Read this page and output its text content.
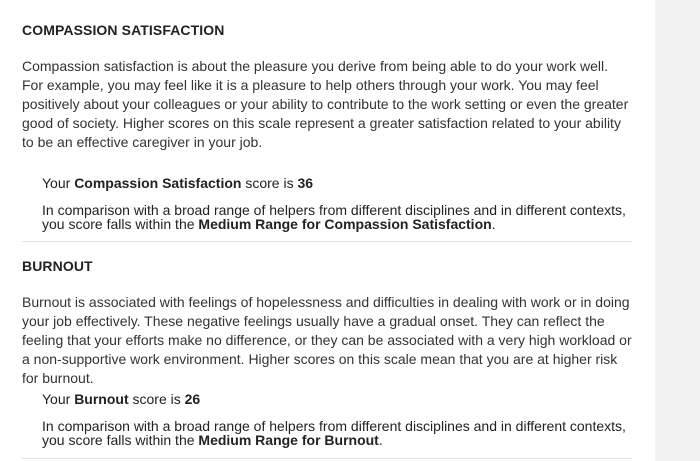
COMPASSION SATISFACTION
Compassion satisfaction is about the pleasure you derive from being able to do your work well. For example, you may feel like it is a pleasure to help others through your work. You may feel positively about your colleagues or your ability to contribute to the work setting or even the greater good of society. Higher scores on this scale represent a greater satisfaction related to your ability to be an effective caregiver in your job.
Your Compassion Satisfaction score is 36
In comparison with a broad range of helpers from different disciplines and in different contexts, you score falls within the Medium Range for Compassion Satisfaction.
BURNOUT
Burnout is associated with feelings of hopelessness and difficulties in dealing with work or in doing your job effectively. These negative feelings usually have a gradual onset. They can reflect the feeling that your efforts make no difference, or they can be associated with a very high workload or a non-supportive work environment. Higher scores on this scale mean that you are at higher risk for burnout.
Your Burnout score is 26
In comparison with a broad range of helpers from different disciplines and in different contexts, you score falls within the Medium Range for Burnout.
